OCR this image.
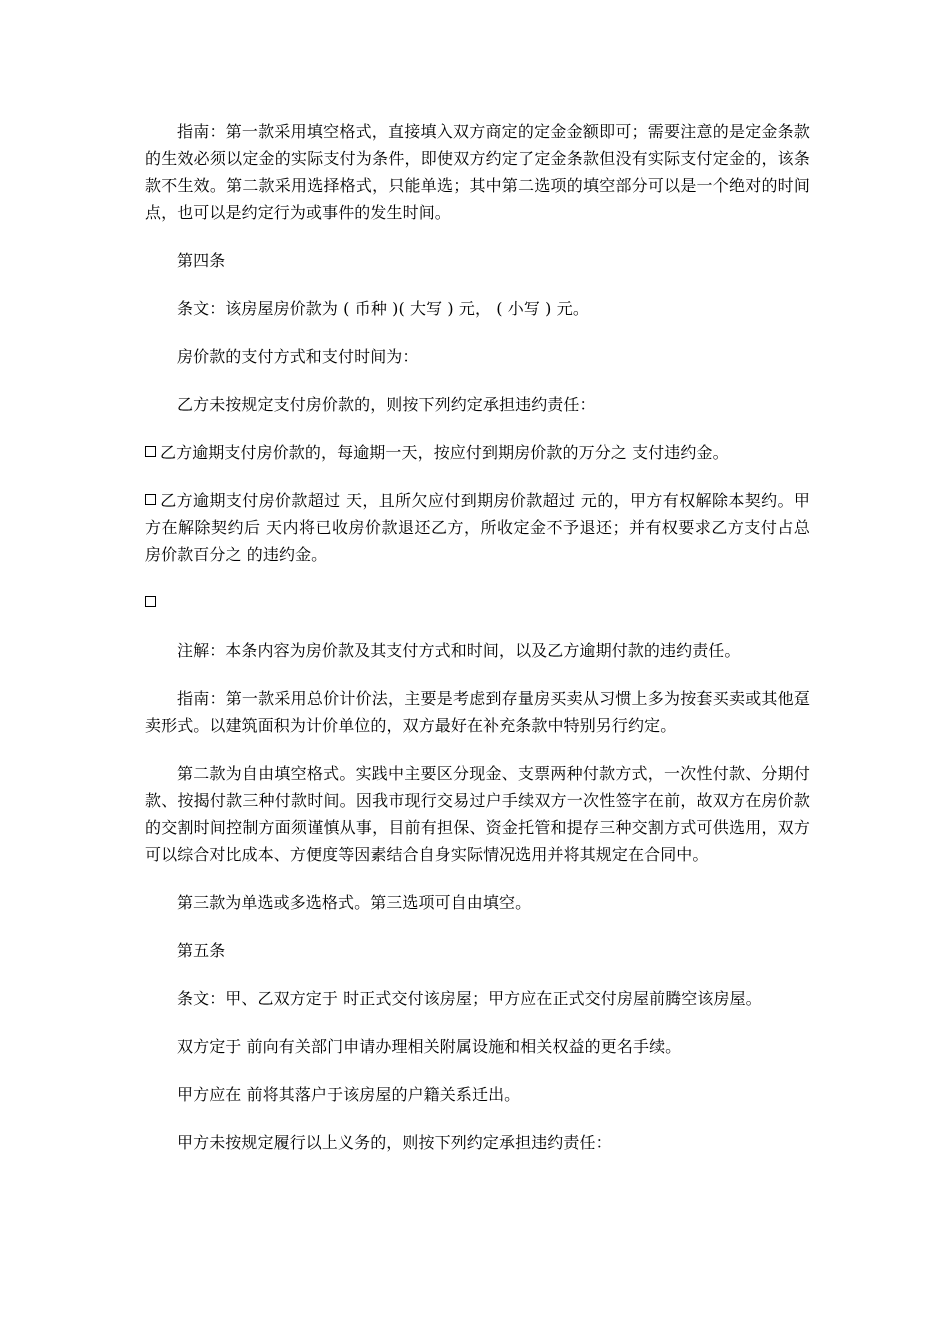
指南：第一款采用填空格式，直接填入双方商定的定金金额即可；需要注意的是定金条款的生效必须以定金的实际支付为条件，即使双方约定了定金条款但没有实际支付定金的，该条款不生效。第二款采用选择格式，只能单选；其中第二选项的填空部分可以是一个绝对的时间点，也可以是约定行为或事件的发生时间。

第四条

条文：该房屋房价款为 ( 币种 )( 大写 ) 元， ( 小写 ) 元。

房价款的支付方式和支付时间为：

乙方未按规定支付房价款的，则按下列约定承担违约责任：

乙方逾期支付房价款的，每逾期一天，按应付到期房价款的万分之 支付违约金。

乙方逾期支付房价款超过 天，且所欠应付到期房价款超过 元的，甲方有权解除本契约。甲方在解除契约后 天内将已收房价款退还乙方，所收定金不予退还；并有权要求乙方支付占总房价款百分之 的违约金。

注解：本条内容为房价款及其支付方式和时间，以及乙方逾期付款的违约责任。

指南：第一款采用总价计价法，主要是考虑到存量房买卖从习惯上多为按套买卖或其他趸卖形式。以建筑面积为计价单位的，双方最好在补充条款中特别另行约定。

第二款为自由填空格式。实践中主要区分现金、支票两种付款方式，一次性付款、分期付款、按揭付款三种付款时间。因我市现行交易过户手续双方一次性签字在前，故双方在房价款的交割时间控制方面须谨慎从事，目前有担保、资金托管和提存三种交割方式可供选用，双方可以综合对比成本、方便度等因素结合自身实际情况选用并将其规定在合同中。

第三款为单选或多选格式。第三选项可自由填空。

第五条

条文：甲、乙双方定于 时正式交付该房屋；甲方应在正式交付房屋前腾空该房屋。

双方定于 前向有关部门申请办理相关附属设施和相关权益的更名手续。

甲方应在 前将其落户于该房屋的户籍关系迁出。

甲方未按规定履行以上义务的，则按下列约定承担违约责任：
